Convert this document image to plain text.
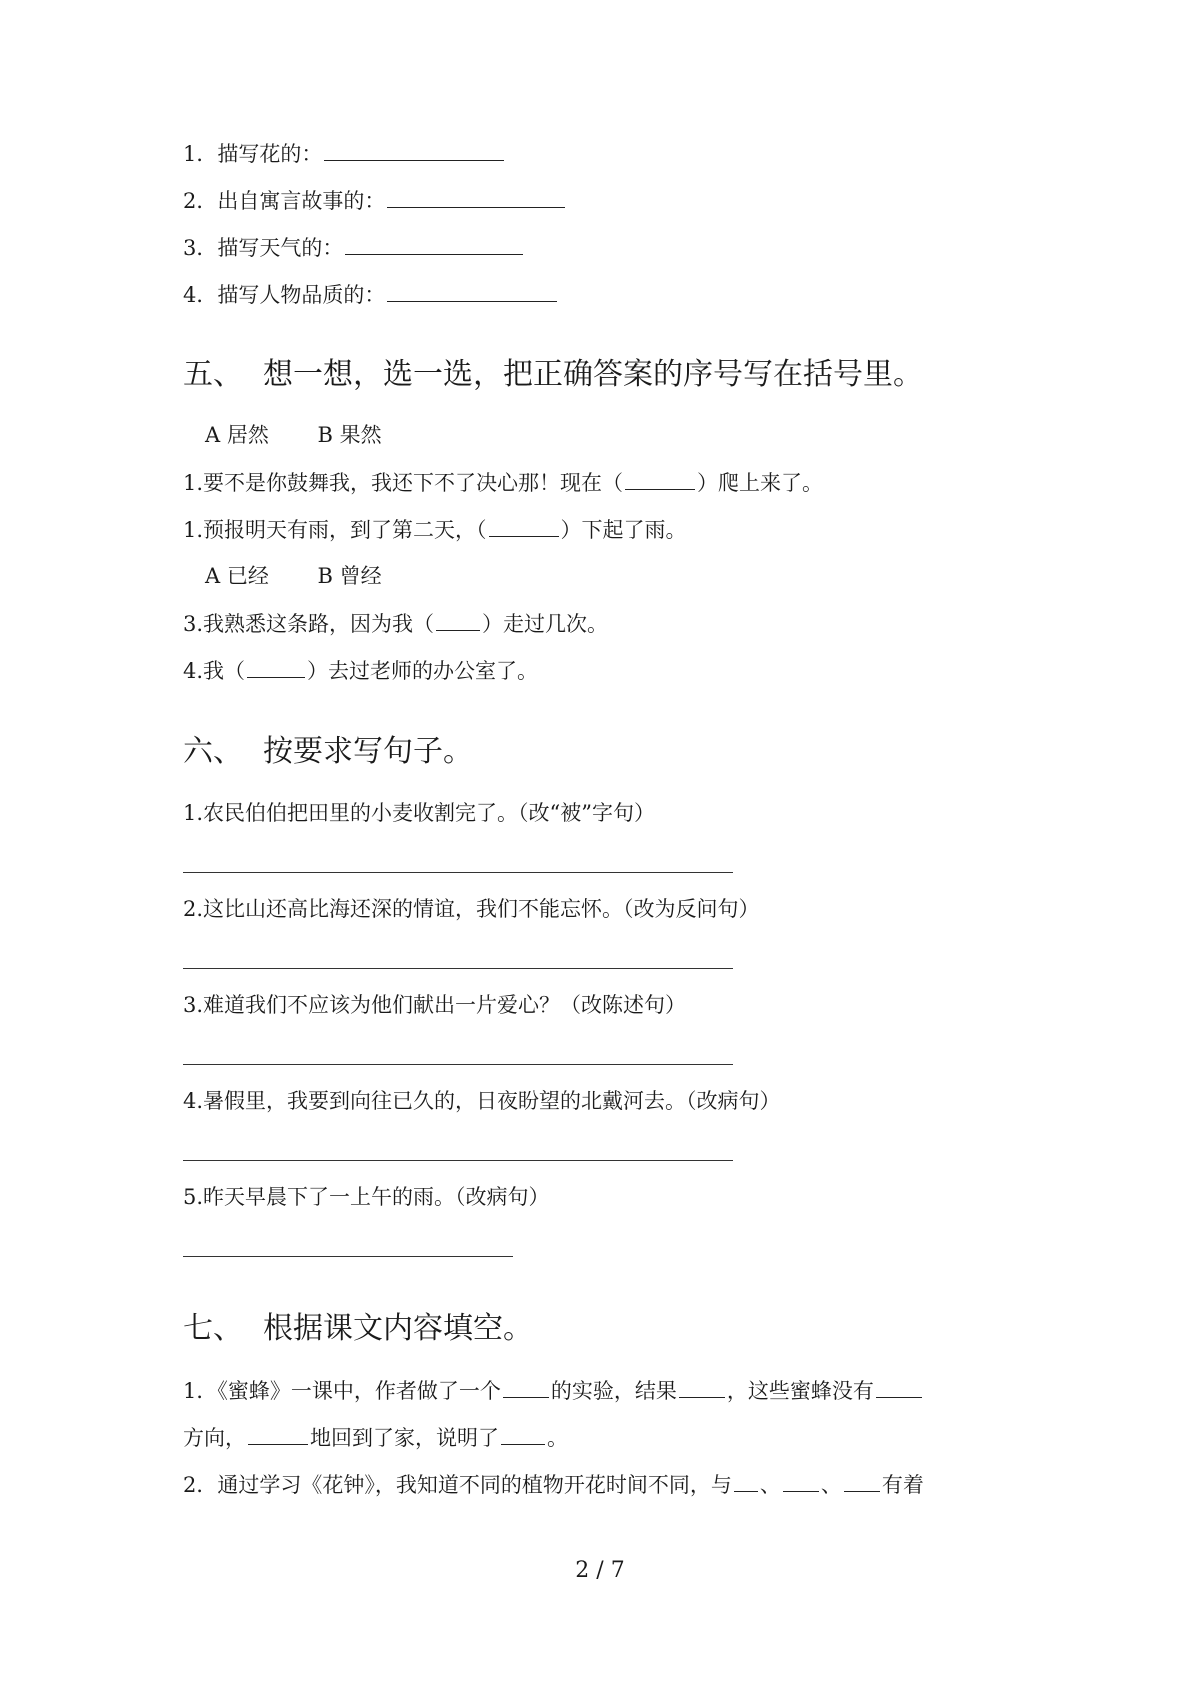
1．描写花的：
2．出自寓言故事的：
3．描写天气的：
4．描写人物品质的：
五、 想一想，选一选，把正确答案的序号写在括号里。
A 居然　　 B 果然
1.要不是你鼓舞我，我还下不了决心那！现在（	）爬上来了。
1.预报明天有雨，到了第二天，（	）下起了雨。
A 已经　　 B 曾经
3.我熟悉这条路，因为我（ ）走过几次。
4.我（	）去过老师的办公室了。
六、 按要求写句子。
1.农民伯伯把田里的小麦收割完了。（改“被”字句）
2.这比山还高比海还深的情谊，我们不能忘怀。（改为反问句）
3.难道我们不应该为他们献出一片爱心？（改陈述句）
4.暑假里，我要到向往已久的，日夜盼望的北戴河去。（改病句）
5.昨天早晨下了一上午的雨。（改病句）
七、 根据课文内容填空。
1．《蜜蜂》一课中，作者做了一个 的实验，结果 ，这些蜜蜂没有
方向，	地回到了家，说明了 。
2．通过学习《花钟》，我知道不同的植物开花时间不同，与 、 、 有着
2 / 7
